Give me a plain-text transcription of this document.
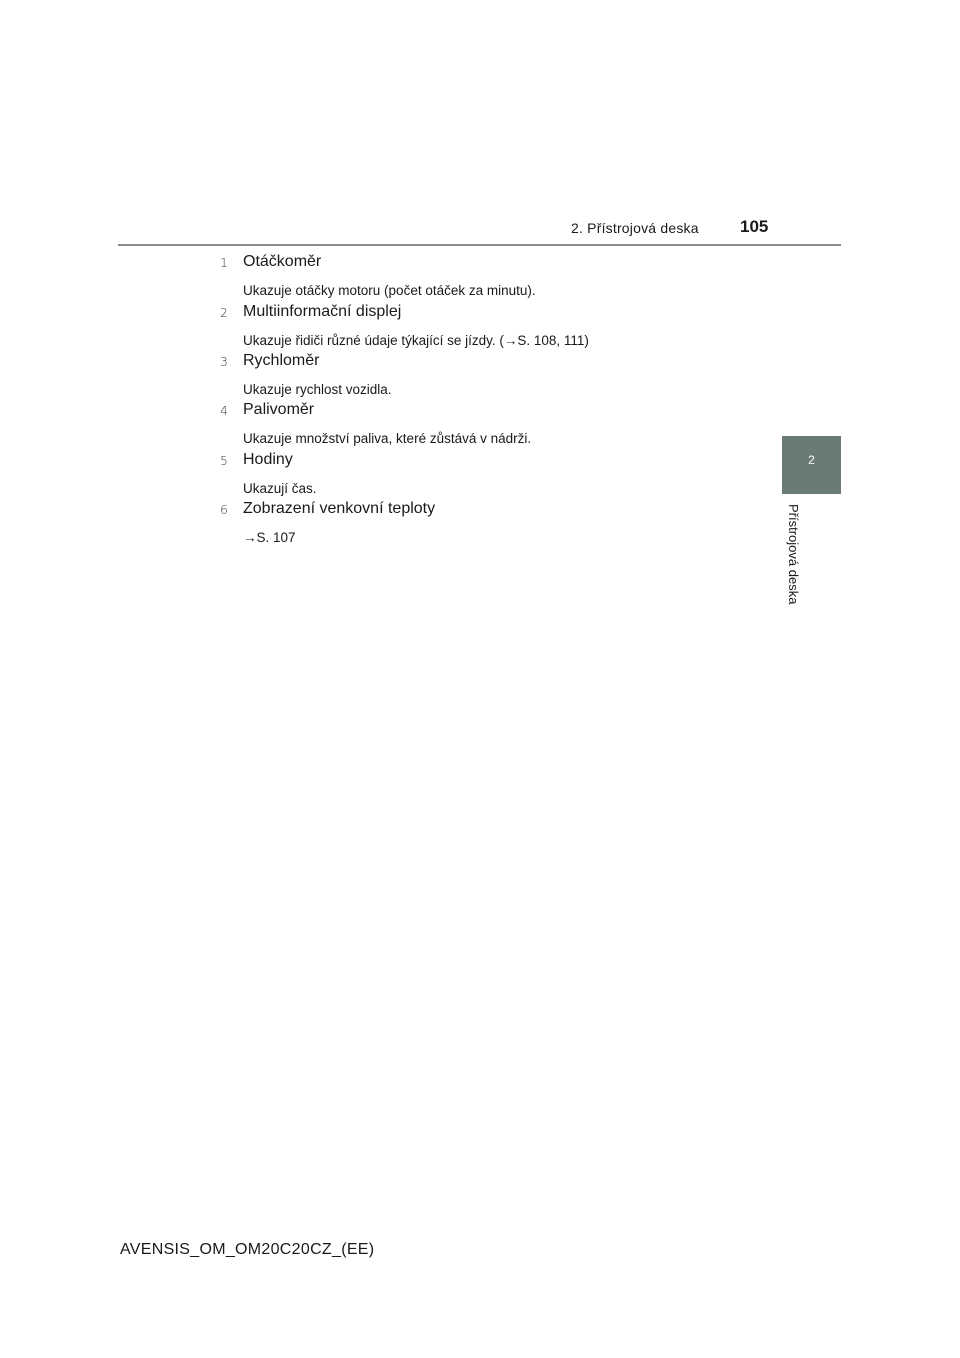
2. Přístrojová deska 105
2
Přístrojová deska
1 Otáčkoměr
Ukazuje otáčky motoru (počet otáček za minutu).
2 Multiinformační displej
Ukazuje řidiči různé údaje týkající se jízdy. (→S. 108, 111)
3 Rychloměr
Ukazuje rychlost vozidla.
4 Palivoměr
Ukazuje množství paliva, které zůstává v nádrži.
5 Hodiny
Ukazují čas.
6 Zobrazení venkovní teploty
→S. 107
AVENSIS_OM_OM20C20CZ_(EE)
